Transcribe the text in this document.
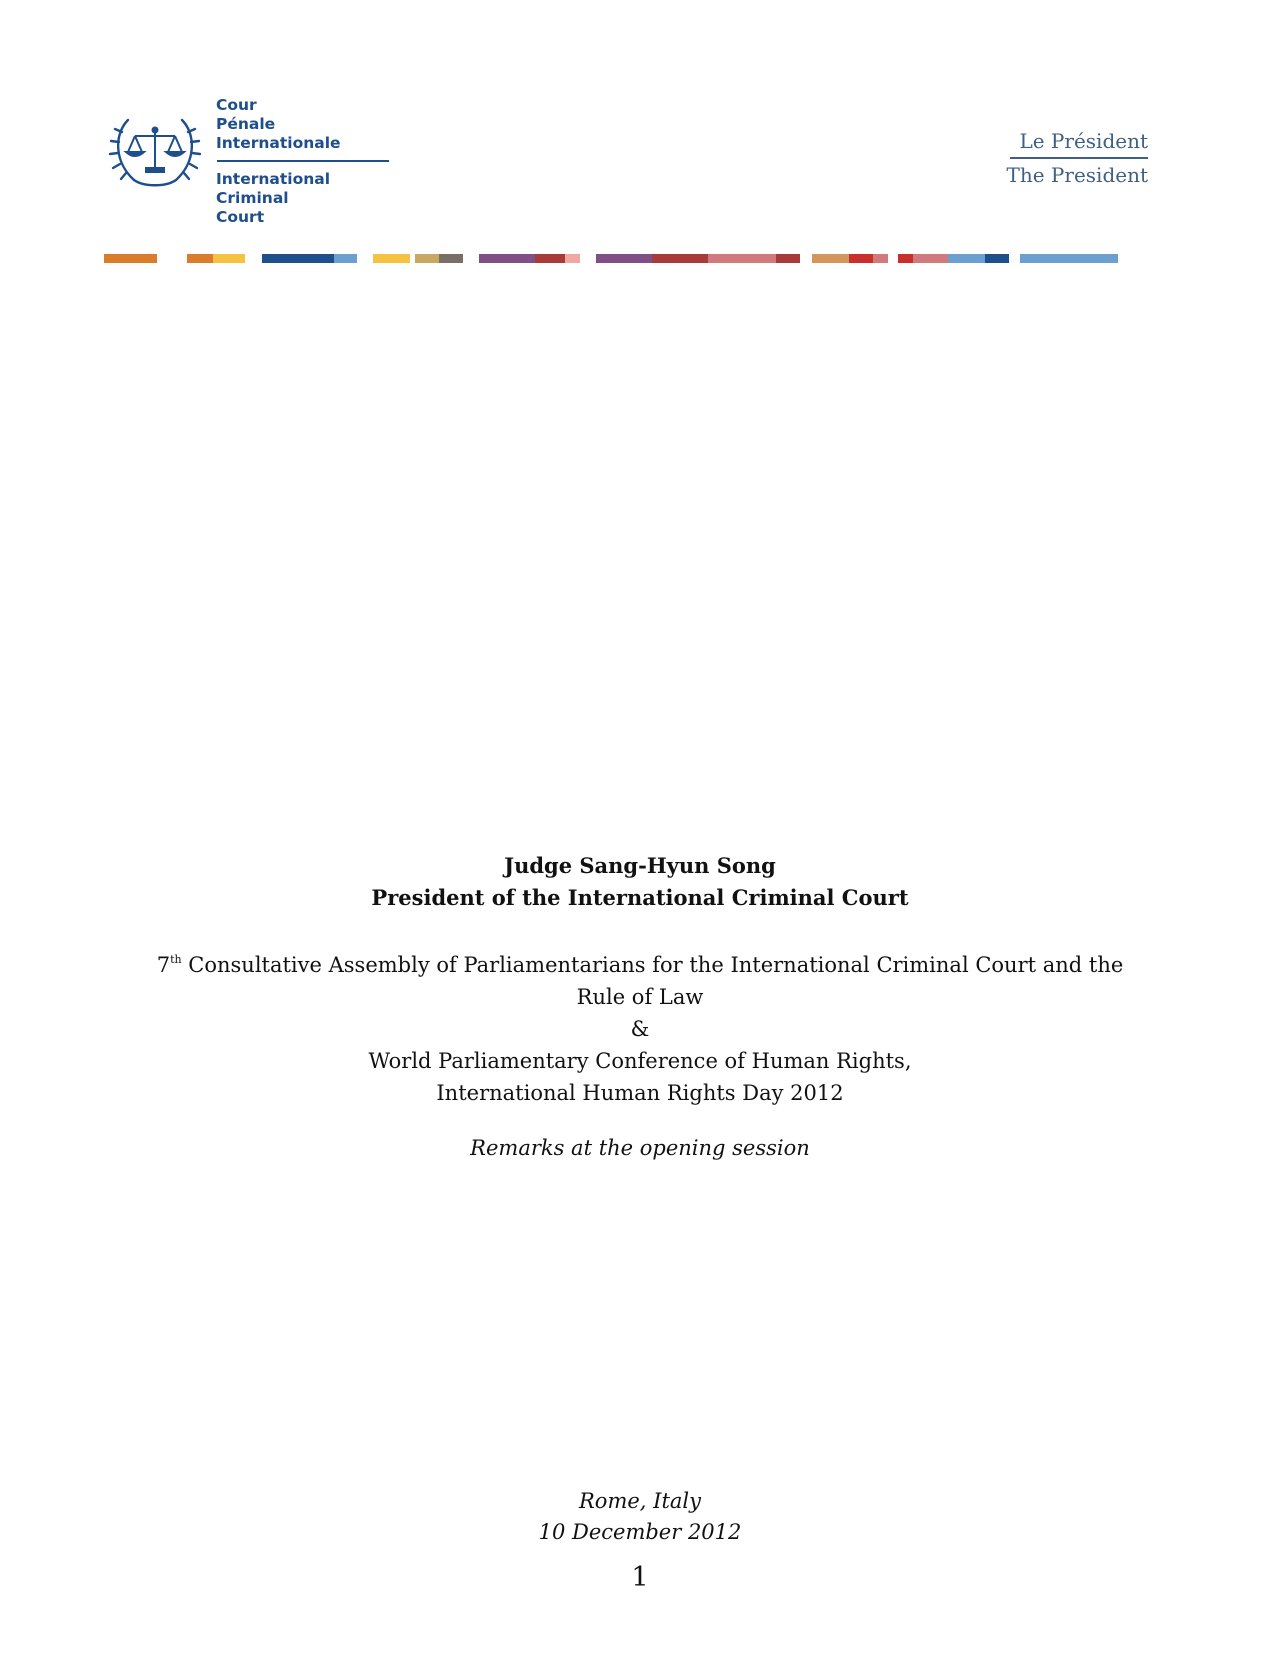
Cour
Pénale
Internationale
International
Criminal
Court
Le Président
The President
Judge Sang-Hyun Song
President of the International Criminal Court
7th Consultative Assembly of Parliamentarians for the International Criminal Court and the
Rule of Law
&
World Parliamentary Conference of Human Rights,
International Human Rights Day 2012
Remarks at the opening session
Rome, Italy
10 December 2012
1
